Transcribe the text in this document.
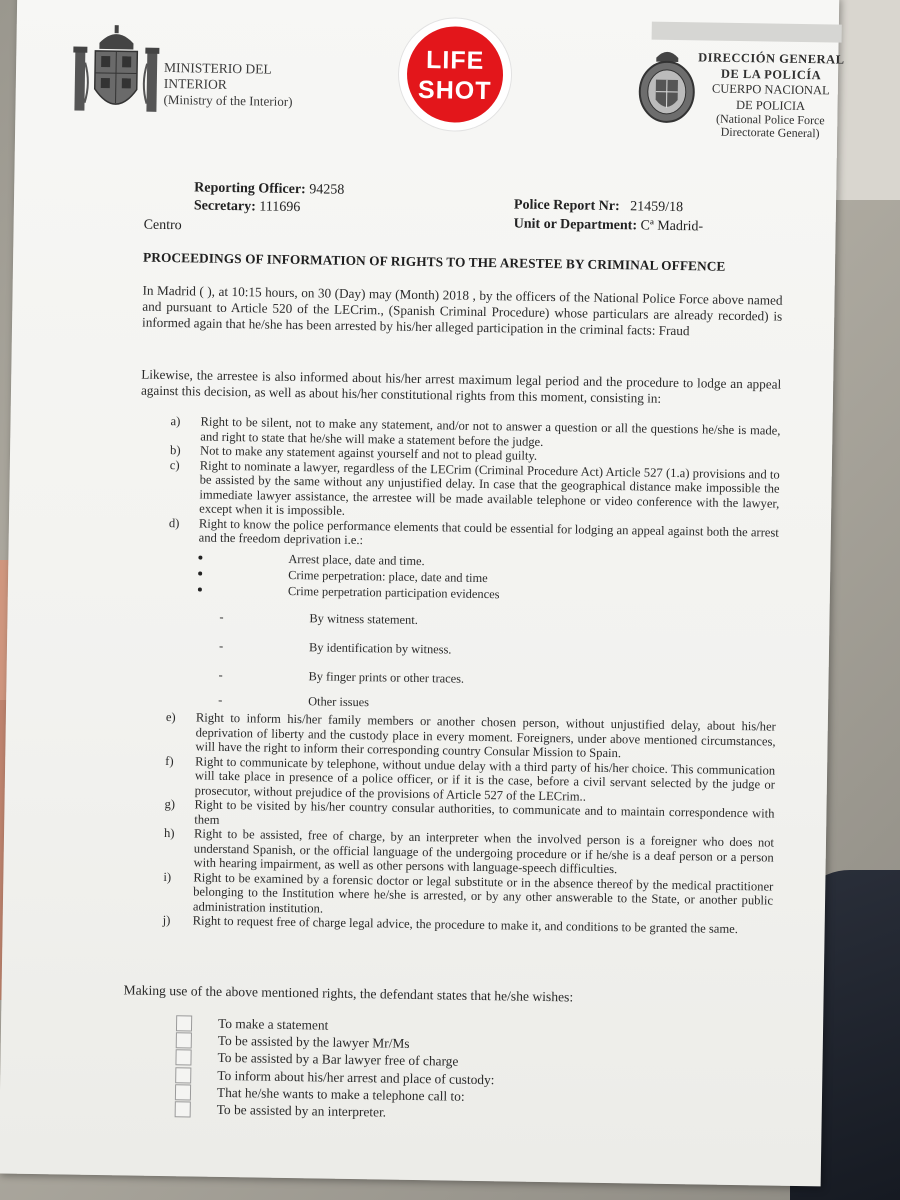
MINISTERIO DEL
INTERIOR
(Ministry of the Interior)
LIFE
SHOT
DIRECCIÓN GENERAL
DE LA POLICÍA
CUERPO NACIONAL
DE POLICIA
(National Police Force
Directorate General)
Reporting Officer: 94258
Secretary: 111696
Centro
Police Report Nr: 21459/18
Unit or Department: Cª Madrid-
PROCEEDINGS OF INFORMATION OF RIGHTS TO THE ARESTEE BY CRIMINAL OFFENCE
In Madrid ( ), at 10:15 hours, on 30 (Day) may (Month) 2018 , by the officers of the National Police Force above named and pursuant to Article 520 of the LECrim., (Spanish Criminal Procedure) whose particulars are already recorded) is informed again that he/she has been arrested by his/her alleged participation in the criminal facts: Fraud
Likewise, the arrestee is also informed about his/her arrest maximum legal period and the procedure to lodge an appeal against this decision, as well as about his/her constitutional rights from this moment, consisting in:
a) Right to be silent, not to make any statement, and/or not to answer a question or all the questions he/she is made, and right to state that he/she will make a statement before the judge.
b) Not to make any statement against yourself and not to plead guilty.
c) Right to nominate a lawyer, regardless of the LECrim (Criminal Procedure Act) Article 527 (1.a) provisions and to be assisted by the same without any unjustified delay. In case that the geographical distance make impossible the immediate lawyer assistance, the arrestee will be made available telephone or video conference with the lawyer, except when it is impossible.
d) Right to know the police performance elements that could be essential for lodging an appeal against both the arrest and the freedom deprivation i.e.:
Arrest place, date and time.
Crime perpetration: place, date and time
Crime perpetration participation evidences
-	By witness statement.
-	By identification by witness.
-	By finger prints or other traces.
-	Other issues
e) Right to inform his/her family members or another chosen person, without unjustified delay, about his/her deprivation of liberty and the custody place in every moment. Foreigners, under above mentioned circumstances, will have the right to inform their corresponding country Consular Mission to Spain.
f) Right to communicate by telephone, without undue delay with a third party of his/her choice. This communication will take place in presence of a police officer, or if it is the case, before a civil servant selected by the judge or prosecutor, without prejudice of the provisions of Article 527 of the LECrim..
g) Right to be visited by his/her country consular authorities, to communicate and to maintain correspondence with them
h) Right to be assisted, free of charge, by an interpreter when the involved person is a foreigner who does not understand Spanish, or the official language of the undergoing procedure or if he/she is a deaf person or a person with hearing impairment, as well as other persons with language-speech difficulties.
i) Right to be examined by a forensic doctor or legal substitute or in the absence thereof by the medical practitioner belonging to the Institution where he/she is arrested, or by any other answerable to the State, or another public administration institution.
j) Right to request free of charge legal advice, the procedure to make it, and conditions to be granted the same.
Making use of the above mentioned rights, the defendant states that he/she wishes:
To make a statement
To be assisted by the lawyer Mr/Ms
To be assisted by a Bar lawyer free of charge
To inform about his/her arrest and place of custody:
That he/she wants to make a telephone call to:
To be assisted by an interpreter.
